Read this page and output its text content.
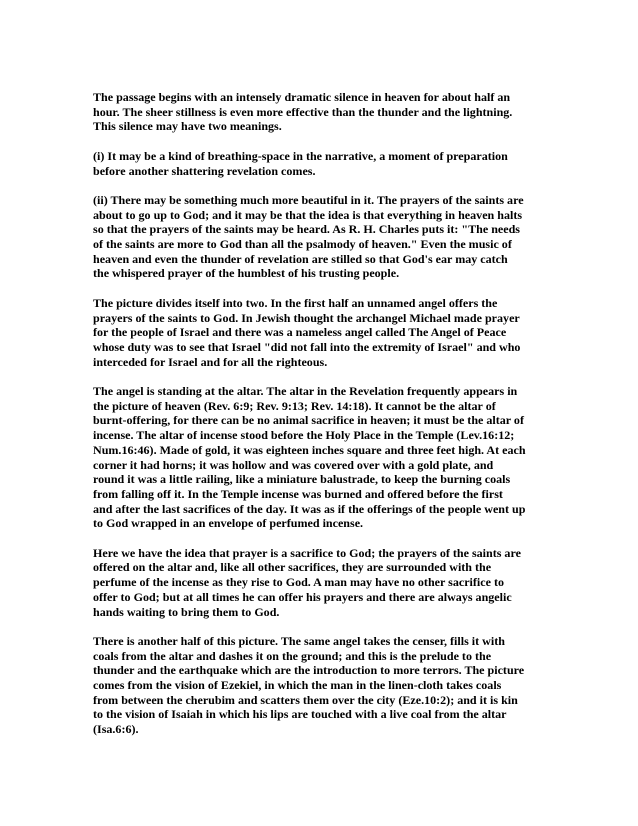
The passage begins with an intensely dramatic silence in heaven for about half an
hour. The sheer stillness is even more effective than the thunder and the lightning.
This silence may have two meanings.

(i) It may be a kind of breathing-space in the narrative, a moment of preparation
before another shattering revelation comes.

(ii) There may be something much more beautiful in it. The prayers of the saints are
about to go up to God; and it may be that the idea is that everything in heaven halts
so that the prayers of the saints may be heard. As R. H. Charles puts it: "The needs
of the saints are more to God than all the psalmody of heaven." Even the music of
heaven and even the thunder of revelation are stilled so that God's ear may catch
the whispered prayer of the humblest of his trusting people.

The picture divides itself into two. In the first half an unnamed angel offers the
prayers of the saints to God. In Jewish thought the archangel Michael made prayer
for the people of Israel and there was a nameless angel called The Angel of Peace
whose duty was to see that Israel "did not fall into the extremity of Israel" and who
interceded for Israel and for all the righteous.

The angel is standing at the altar. The altar in the Revelation frequently appears in
the picture of heaven (Rev. 6:9; Rev. 9:13; Rev. 14:18). It cannot be the altar of
burnt-offering, for there can be no animal sacrifice in heaven; it must be the altar of
incense. The altar of incense stood before the Holy Place in the Temple (Lev.16:12;
Num.16:46). Made of gold, it was eighteen inches square and three feet high. At each
corner it had horns; it was hollow and was covered over with a gold plate, and
round it was a little railing, like a miniature balustrade, to keep the burning coals
from falling off it. In the Temple incense was burned and offered before the first
and after the last sacrifices of the day. It was as if the offerings of the people went up
to God wrapped in an envelope of perfumed incense.

Here we have the idea that prayer is a sacrifice to God; the prayers of the saints are
offered on the altar and, like all other sacrifices, they are surrounded with the
perfume of the incense as they rise to God. A man may have no other sacrifice to
offer to God; but at all times he can offer his prayers and there are always angelic
hands waiting to bring them to God.

There is another half of this picture. The same angel takes the censer, fills it with
coals from the altar and dashes it on the ground; and this is the prelude to the
thunder and the earthquake which are the introduction to more terrors. The picture
comes from the vision of Ezekiel, in which the man in the linen-cloth takes coals
from between the cherubim and scatters them over the city (Eze.10:2); and it is kin
to the vision of Isaiah in which his lips are touched with a live coal from the altar
(Isa.6:6).
